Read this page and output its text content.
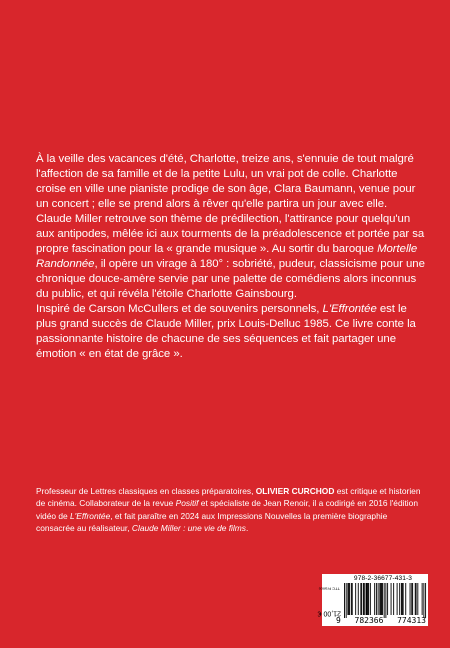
À la veille des vacances d'été, Charlotte, treize ans, s'ennuie de tout malgré l'affection de sa famille et de la petite Lulu, un vrai pot de colle. Charlotte croise en ville une pianiste prodige de son âge, Clara Baumann, venue pour un concert ; elle se prend alors à rêver qu'elle partira un jour avec elle.

Claude Miller retrouve son thème de prédilection, l'attirance pour quelqu'un aux antipodes, mêlée ici aux tourments de la préadolescence et portée par sa propre fascination pour la « grande musique ». Au sortir du baroque Mortelle Randonnée, il opère un virage à 180° : sobriété, pudeur, classicisme pour une chronique douce-amère servie par une palette de comédiens alors inconnus du public, et qui révéla l'étoile Charlotte Gainsbourg.

Inspiré de Carson McCullers et de souvenirs personnels, L'Effrontée est le plus grand succès de Claude Miller, prix Louis-Delluc 1985. Ce livre conte la passionnante histoire de chacune de ses séquences et fait partager une émotion « en état de grâce ».

Professeur de Lettres classiques en classes préparatoires, OLIVIER CURCHOD est critique et historien de cinéma. Collaborateur de la revue Positif et spécialiste de Jean Renoir, il a codirigé en 2016 l'édition vidéo de L'Effrontée, et fait paraître en 2024 aux Impressions Nouvelles la première biographie consacrée au réalisateur, Claude Miller : une vie de films.

978-2-36677-431-3
21,00 € TTC France
9 782366 774313
